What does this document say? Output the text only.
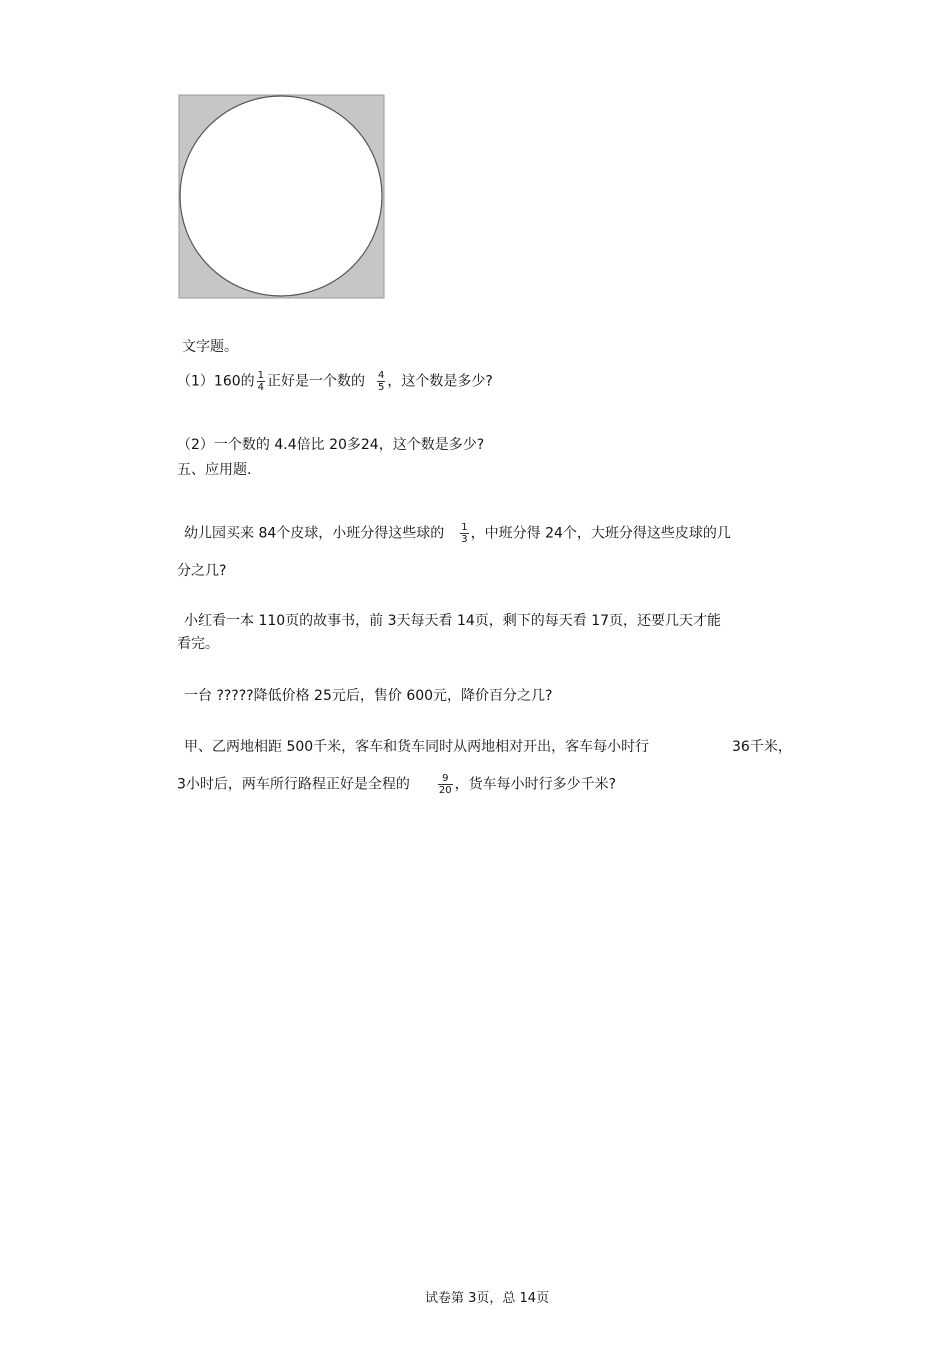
文字题。
（1）160的 $\frac{1}{4}$ 正好是一个数的 $\frac{4}{5}$ ，这个数是多少?
（2）一个数的 4.4倍比 20多24，这个数是多少?
五、应用题.
幼儿园买来 84个皮球，小班分得这些球的 $\frac{1}{3}$ ，中班分得 24个，大班分得这些皮球的几
分之几?
小红看一本 110页的故事书，前 3天每天看 14页，剩下的每天看 17页，还要几天才能
看完。
一台 ?????降低价格 25元后，售价 600元，降价百分之几?
甲、乙两地相距 500千米，客车和货车同时从两地相对开出，客车每小时行	36千米，
3小时后，两车所行路程正好是全程的	$\frac{9}{20}$ ，货车每小时行多少千米?
试卷第 3页，总 14页
